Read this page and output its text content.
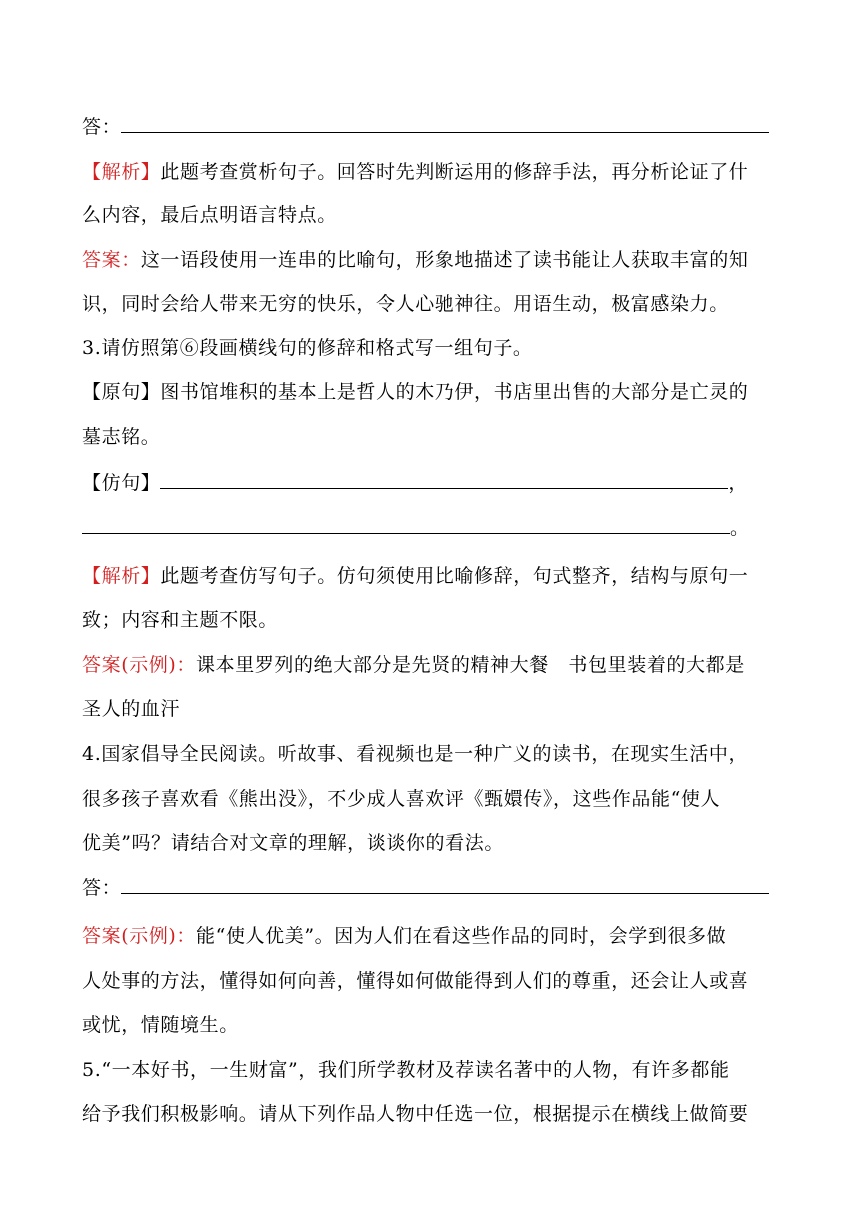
答：
【解析】此题考查赏析句子。回答时先判断运用的修辞手法，再分析论证了什
么内容，最后点明语言特点。
答案：这一语段使用一连串的比喻句，形象地描述了读书能让人获取丰富的知
识，同时会给人带来无穷的快乐，令人心驰神往。用语生动，极富感染力。
3.请仿照第⑥段画横线句的修辞和格式写一组句子。
【原句】图书馆堆积的基本上是哲人的木乃伊，书店里出售的大部分是亡灵的
墓志铭。
【仿句】	，
。
【解析】此题考查仿写句子。仿句须使用比喻修辞，句式整齐，结构与原句一
致；内容和主题不限。
答案(示例)：课本里罗列的绝大部分是先贤的精神大餐　书包里装着的大都是
圣人的血汗
4.国家倡导全民阅读。听故事、看视频也是一种广义的读书，在现实生活中，
很多孩子喜欢看《熊出没》，不少成人喜欢评《甄嬛传》，这些作品能“使人
优美”吗？请结合对文章的理解，谈谈你的看法。
答：
答案(示例)：能“使人优美”。因为人们在看这些作品的同时，会学到很多做
人处事的方法，懂得如何向善，懂得如何做能得到人们的尊重，还会让人或喜
或忧，情随境生。
5.“一本好书，一生财富”，我们所学教材及荐读名著中的人物，有许多都能
给予我们积极影响。请从下列作品人物中任选一位，根据提示在横线上做简要
